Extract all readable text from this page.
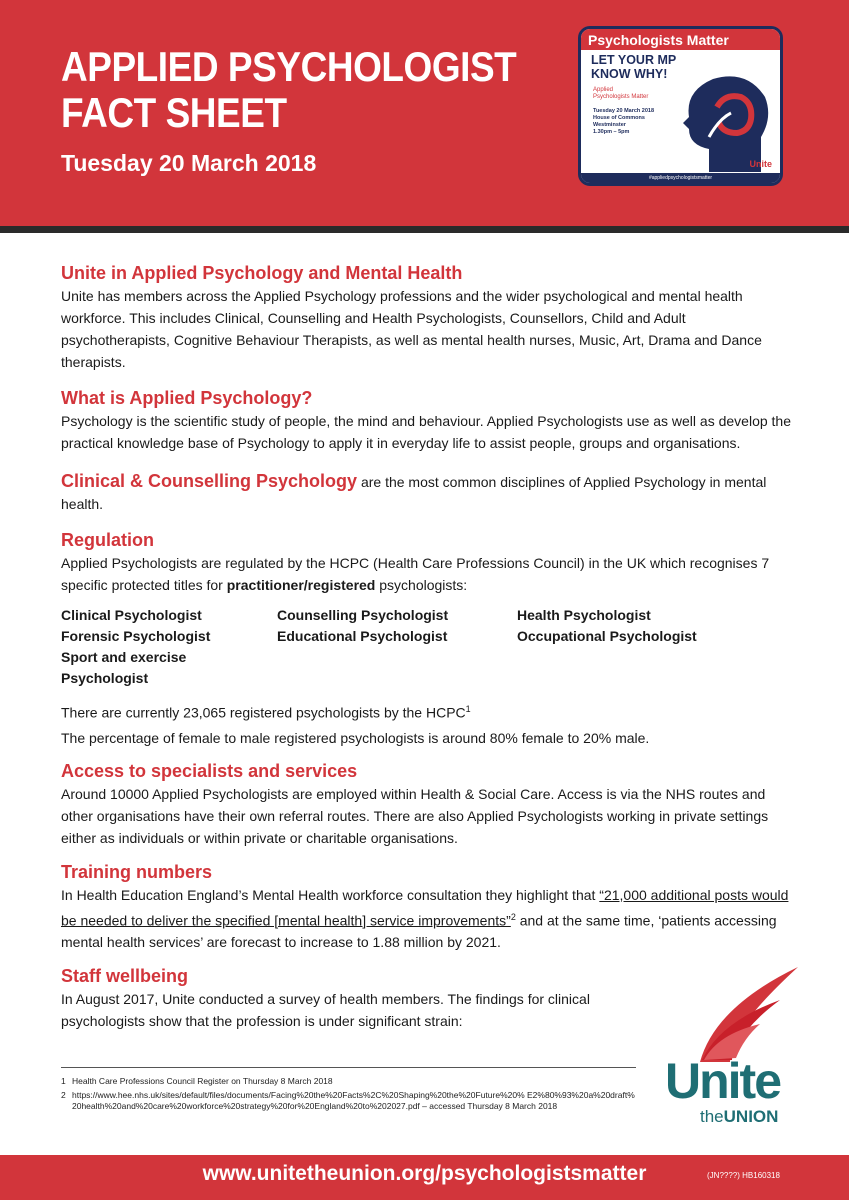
APPLIED PSYCHOLOGIST
FACT SHEET
Tuesday 20 March 2018
Psychologists Matter
LET YOUR MP
KNOW WHY!
Applied
Psychologists Matter
Tuesday 20 March 2018
House of Commons
Westminster
1.30pm – 5pm
Unite
#appliedpsychologistsmatter
Unite in Applied Psychology and Mental Health

Unite has members across the Applied Psychology professions and the wider psychological and mental health workforce. This includes Clinical, Counselling and Health Psychologists, Counsellors, Child and Adult psychotherapists, Cognitive Behaviour Therapists, as well as mental health nurses, Music, Art, Drama and Dance therapists.

What is Applied Psychology?

Psychology is the scientific study of people, the mind and behaviour. Applied Psychologists use as well as develop the practical knowledge base of Psychology to apply it in everyday life to assist people, groups and organisations.

Clinical & Counselling Psychology are the most common disciplines of Applied Psychology in mental health.

Regulation

Applied Psychologists are regulated by the HCPC (Health Care Professions Council) in the UK which recognises 7 specific protected titles for practitioner/registered psychologists:

Clinical Psychologist	Counselling Psychologist	Health Psychologist
Forensic Psychologist	Educational Psychologist	Occupational Psychologist
Sport and exercise Psychologist

There are currently 23,065 registered psychologists by the HCPC$^1$

The percentage of female to male registered psychologists is around 80% female to 20% male.

Access to specialists and services

Around 10000 Applied Psychologists are employed within Health & Social Care. Access is via the NHS routes and other organisations have their own referral routes. There are also Applied Psychologists working in private settings either as individuals or within private or charitable organisations.

Training numbers

In Health Education England’s Mental Health workforce consultation they highlight that “21,000 additional posts would be needed to deliver the specified [mental health] service improvements”$^2$ and at the same time, ‘patients accessing mental health services’ are forecast to increase to 1.88 million by 2021.

Staff wellbeing

In August 2017, Unite conducted a survey of health members. The findings for clinical psychologists show that the profession is under significant strain:

1 Health Care Professions Council Register on Thursday 8 March 2018
2 https://www.hee.nhs.uk/sites/default/files/documents/Facing%20the%20Facts%2C%20Shaping%20the%20Future%20% E2%80%93%20a%20draft%20health%20and%20care%20workforce%20strategy%20for%20England%20to%202027.pdf – accessed Thursday 8 March 2018	Unite
theUNION
www.unitetheunion.org/psychologistsmatter	(JN????) HB160318
